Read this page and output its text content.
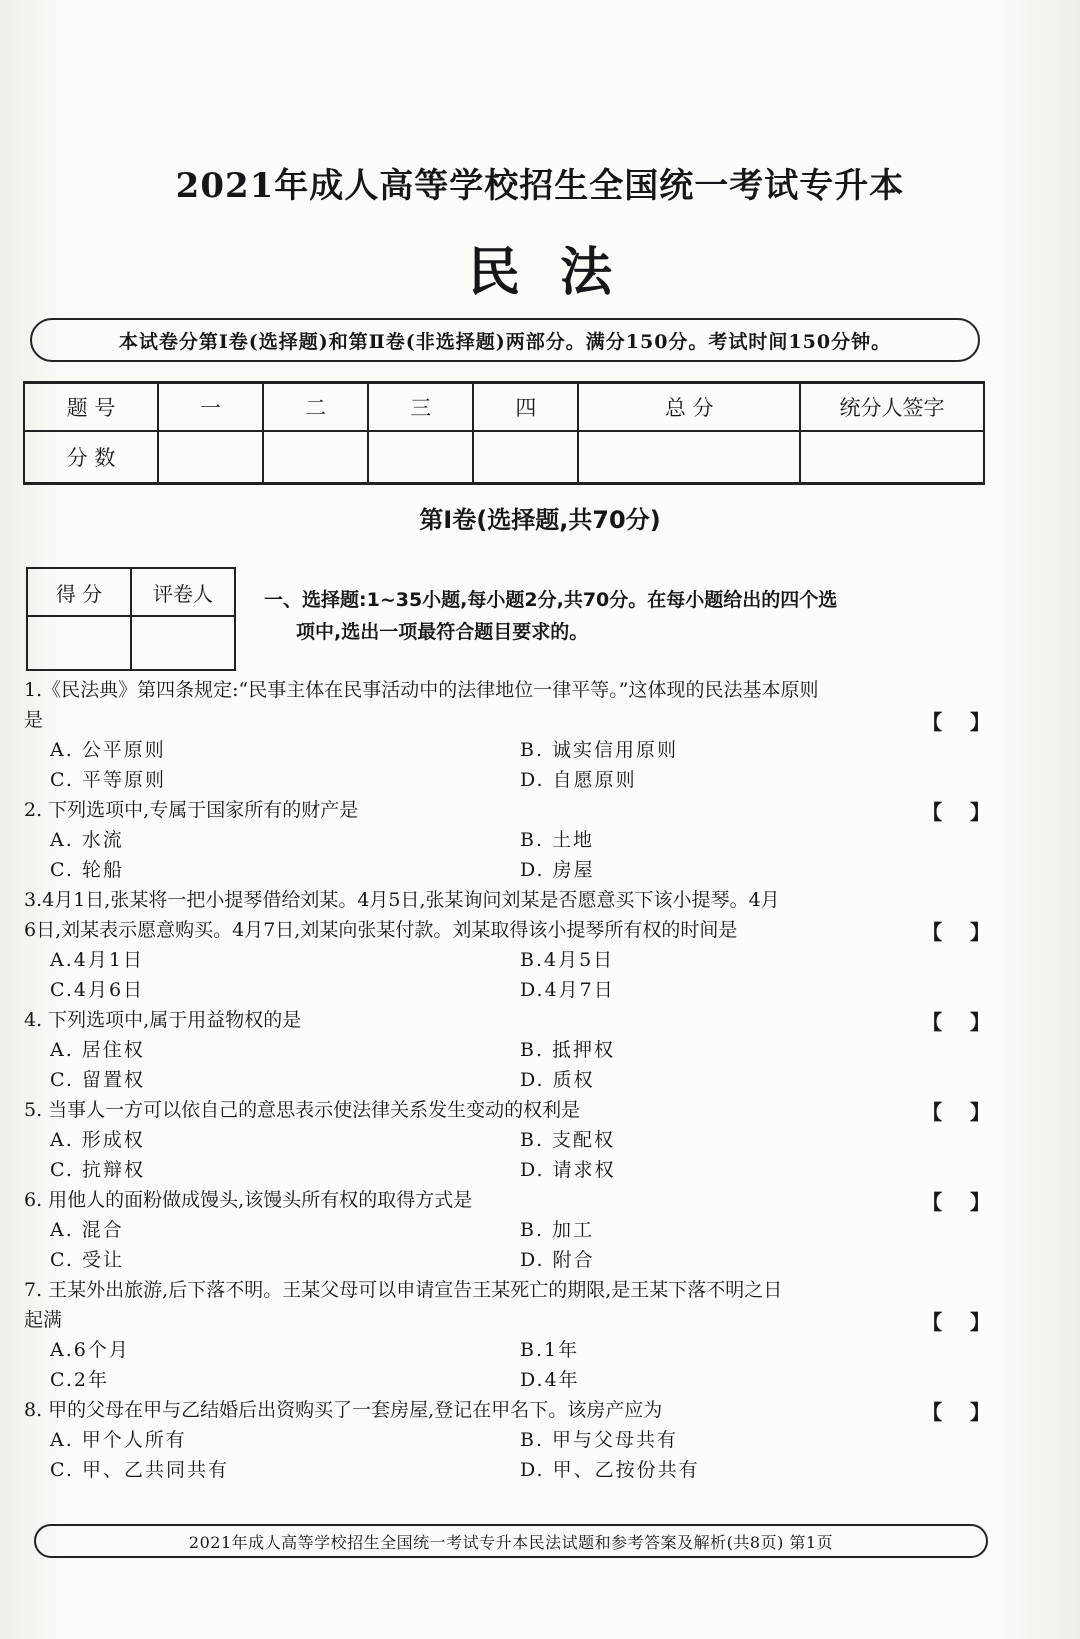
2021年成人高等学校招生全国统一考试专升本
民法
本试卷分第Ⅰ卷(选择题)和第Ⅱ卷(非选择题)两部分。满分150分。考试时间150分钟。
题 号	一	二	三	四	总 分	统分人签字
分 数						
第Ⅰ卷(选择题,共70分)
得 分	评卷人
		一、选择题:1~35小题,每小题2分,共70分。在每小题给出的四个选
项中,选出一项最符合题目要求的。
1.《民法典》第四条规定:“民事主体在民事活动中的法律地位一律平等。”这体现的民法基本原则
是	【    】
A. 公平原则	B. 诚实信用原则
C. 平等原则	D. 自愿原则
2. 下列选项中,专属于国家所有的财产是	【    】
A. 水流	B. 土地
C. 轮船	D. 房屋
3.4月1日,张某将一把小提琴借给刘某。4月5日,张某询问刘某是否愿意买下该小提琴。4月
6日,刘某表示愿意购买。4月7日,刘某向张某付款。刘某取得该小提琴所有权的时间是	【    】
A.4月1日	B.4月5日
C.4月6日	D.4月7日
4. 下列选项中,属于用益物权的是	【    】
A. 居住权	B. 抵押权
C. 留置权	D. 质权
5. 当事人一方可以依自己的意思表示使法律关系发生变动的权利是	【    】
A. 形成权	B. 支配权
C. 抗辩权	D. 请求权
6. 用他人的面粉做成馒头,该馒头所有权的取得方式是	【    】
A. 混合	B. 加工
C. 受让	D. 附合
7. 王某外出旅游,后下落不明。王某父母可以申请宣告王某死亡的期限,是王某下落不明之日
起满	【    】
A.6个月	B.1年
C.2年	D.4年
8. 甲的父母在甲与乙结婚后出资购买了一套房屋,登记在甲名下。该房产应为	【    】
A. 甲个人所有	B. 甲与父母共有
C. 甲、乙共同共有	D. 甲、乙按份共有
2021年成人高等学校招生全国统一考试专升本民法试题和参考答案及解析(共8页) 第1页
